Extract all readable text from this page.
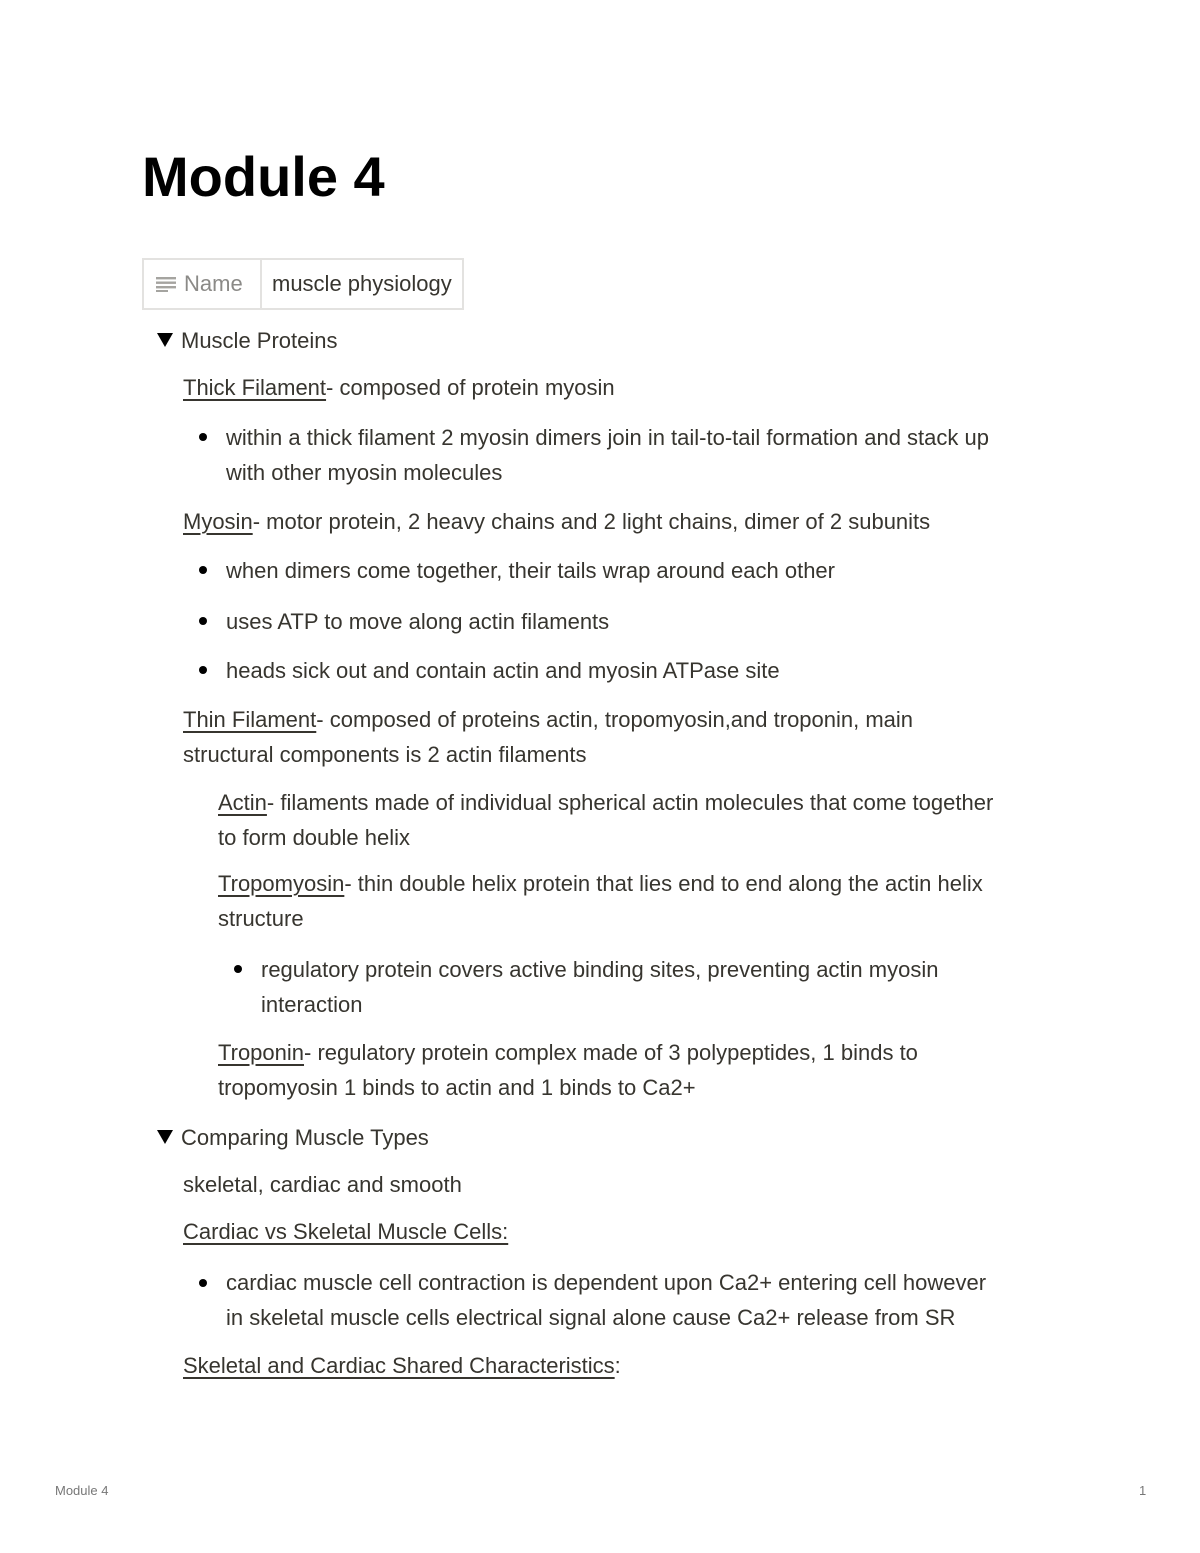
Module 4
Name	muscle physiology
Muscle Proteins
Thick Filament- composed of protein myosin
within a thick filament 2 myosin dimers join in tail-to-tail formation and stack up
with other myosin molecules
Myosin- motor protein, 2 heavy chains and 2 light chains, dimer of 2 subunits
when dimers come together, their tails wrap around each other
uses ATP to move along actin filaments
heads sick out and contain actin and myosin ATPase site
Thin Filament- composed of proteins actin, tropomyosin,and troponin, main
structural components is 2 actin filaments
Actin- filaments made of individual spherical actin molecules that come together
to form double helix
Tropomyosin- thin double helix protein that lies end to end along the actin helix
structure
regulatory protein covers active binding sites, preventing actin myosin
interaction
Troponin- regulatory protein complex made of 3 polypeptides, 1 binds to
tropomyosin 1 binds to actin and 1 binds to Ca2+
Comparing Muscle Types
skeletal, cardiac and smooth
Cardiac vs Skeletal Muscle Cells:
cardiac muscle cell contraction is dependent upon Ca2+ entering cell however
in skeletal muscle cells electrical signal alone cause Ca2+ release from SR
Skeletal and Cardiac Shared Characteristics:
Module 4	1
